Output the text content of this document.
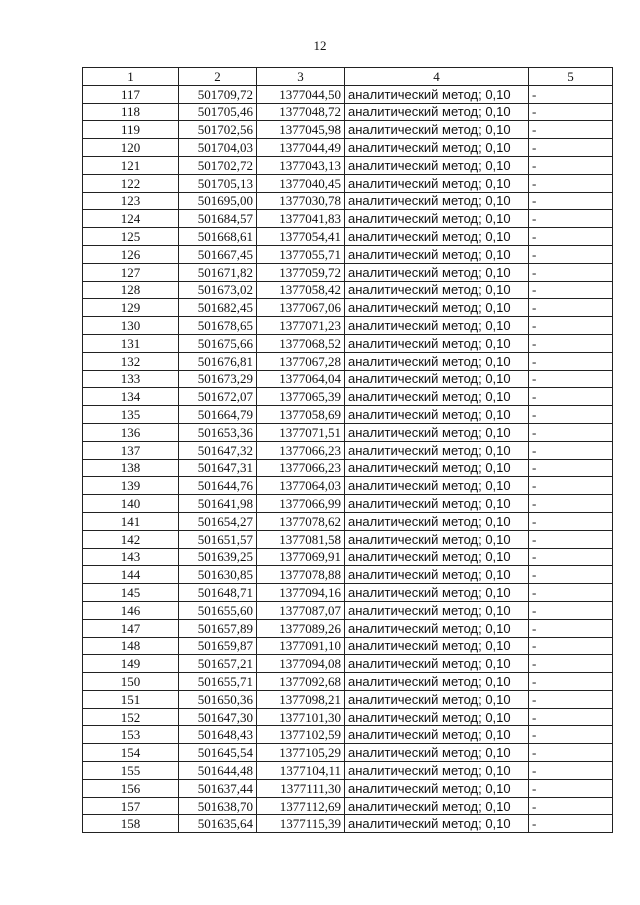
12
1	2	3	4	5
117	501709,72	1377044,50	аналитический метод; 0,10	-
118	501705,46	1377048,72	аналитический метод; 0,10	-
119	501702,56	1377045,98	аналитический метод; 0,10	-
120	501704,03	1377044,49	аналитический метод; 0,10	-
121	501702,72	1377043,13	аналитический метод; 0,10	-
122	501705,13	1377040,45	аналитический метод; 0,10	-
123	501695,00	1377030,78	аналитический метод; 0,10	-
124	501684,57	1377041,83	аналитический метод; 0,10	-
125	501668,61	1377054,41	аналитический метод; 0,10	-
126	501667,45	1377055,71	аналитический метод; 0,10	-
127	501671,82	1377059,72	аналитический метод; 0,10	-
128	501673,02	1377058,42	аналитический метод; 0,10	-
129	501682,45	1377067,06	аналитический метод; 0,10	-
130	501678,65	1377071,23	аналитический метод; 0,10	-
131	501675,66	1377068,52	аналитический метод; 0,10	-
132	501676,81	1377067,28	аналитический метод; 0,10	-
133	501673,29	1377064,04	аналитический метод; 0,10	-
134	501672,07	1377065,39	аналитический метод; 0,10	-
135	501664,79	1377058,69	аналитический метод; 0,10	-
136	501653,36	1377071,51	аналитический метод; 0,10	-
137	501647,32	1377066,23	аналитический метод; 0,10	-
138	501647,31	1377066,23	аналитический метод; 0,10	-
139	501644,76	1377064,03	аналитический метод; 0,10	-
140	501641,98	1377066,99	аналитический метод; 0,10	-
141	501654,27	1377078,62	аналитический метод; 0,10	-
142	501651,57	1377081,58	аналитический метод; 0,10	-
143	501639,25	1377069,91	аналитический метод; 0,10	-
144	501630,85	1377078,88	аналитический метод; 0,10	-
145	501648,71	1377094,16	аналитический метод; 0,10	-
146	501655,60	1377087,07	аналитический метод; 0,10	-
147	501657,89	1377089,26	аналитический метод; 0,10	-
148	501659,87	1377091,10	аналитический метод; 0,10	-
149	501657,21	1377094,08	аналитический метод; 0,10	-
150	501655,71	1377092,68	аналитический метод; 0,10	-
151	501650,36	1377098,21	аналитический метод; 0,10	-
152	501647,30	1377101,30	аналитический метод; 0,10	-
153	501648,43	1377102,59	аналитический метод; 0,10	-
154	501645,54	1377105,29	аналитический метод; 0,10	-
155	501644,48	1377104,11	аналитический метод; 0,10	-
156	501637,44	1377111,30	аналитический метод; 0,10	-
157	501638,70	1377112,69	аналитический метод; 0,10	-
158	501635,64	1377115,39	аналитический метод; 0,10	-
